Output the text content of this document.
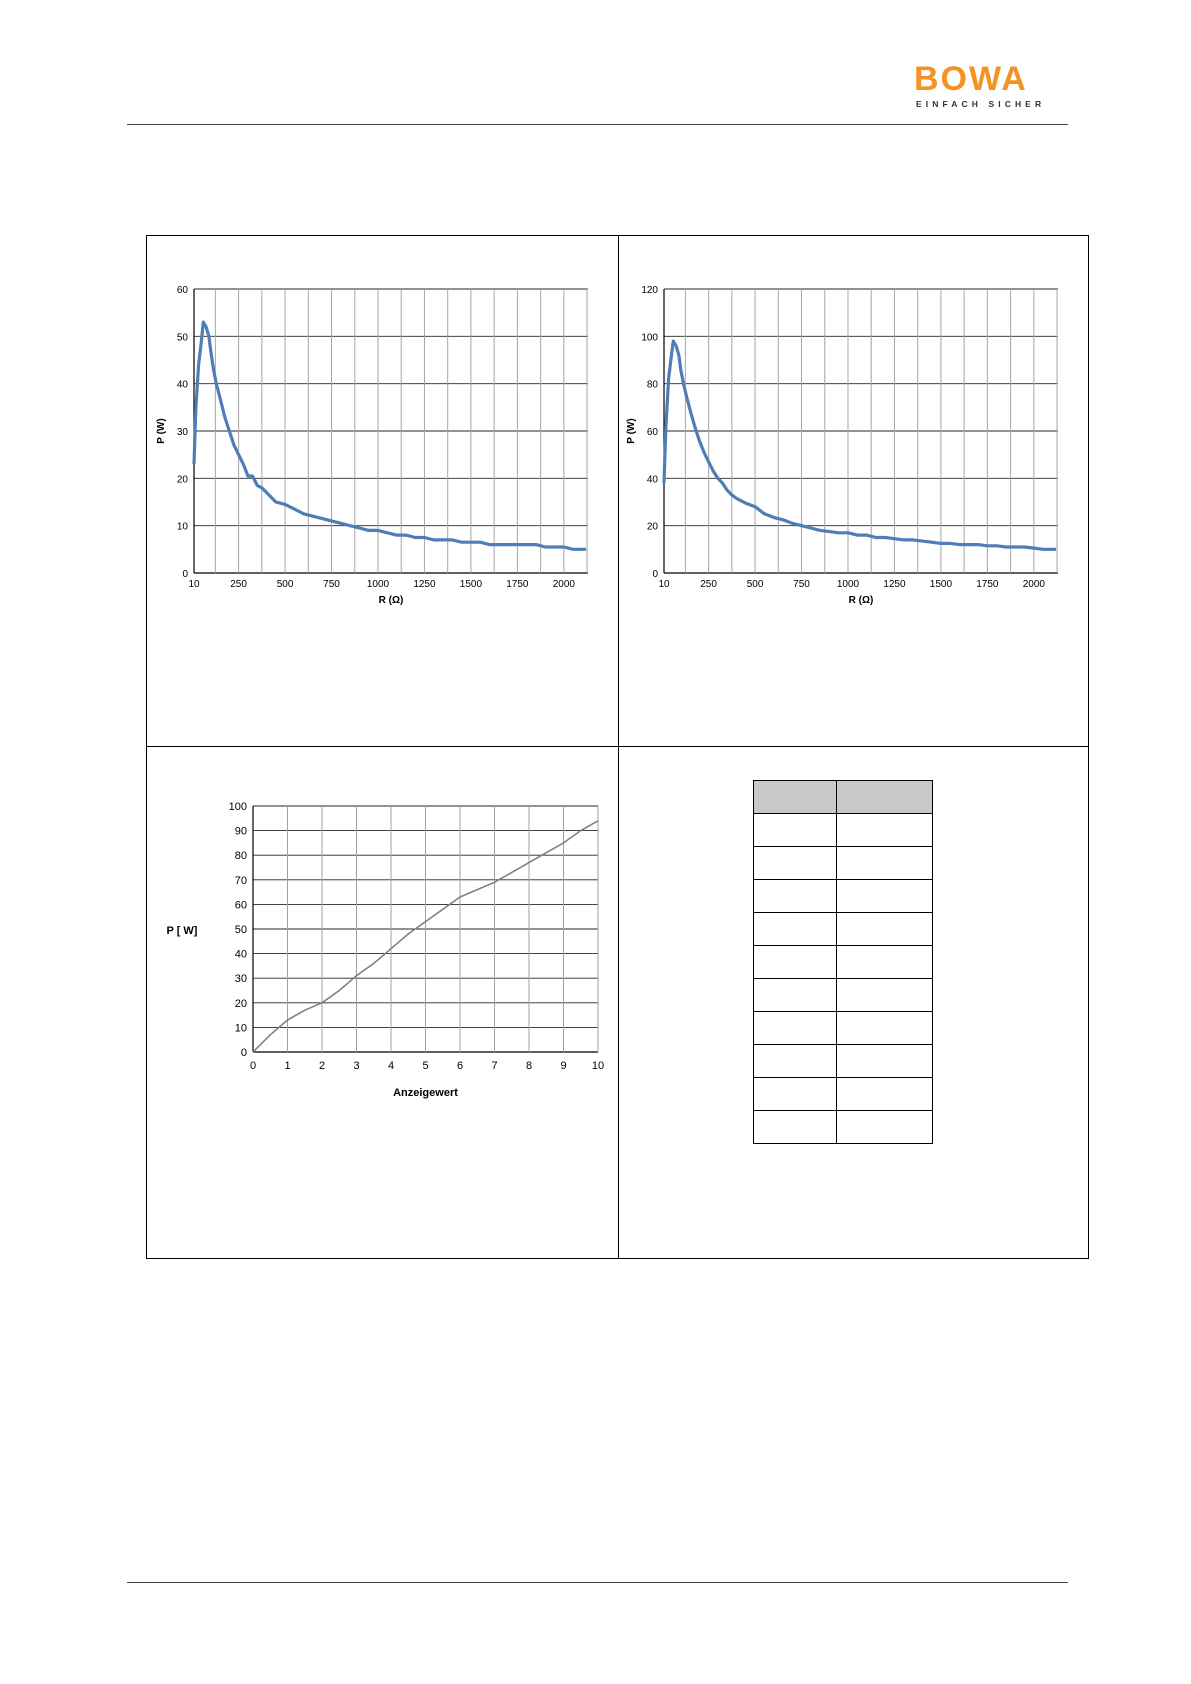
BOWA
EINFACH SICHER
0
10
20
30
40
50
60
10	250	500	750	1000 1250 1500 1750 2000
R (Ω)
P (W)
0
20
40
60
80
100
120
10	250	500	750	1000 1250 1500 1750 2000
R (Ω)
P (W)
0
10
20
30
40
50
60
70
80
90
100
0	1	2	3	4	5	6	7	8	9 10
Anzeigewert
P [ W]
